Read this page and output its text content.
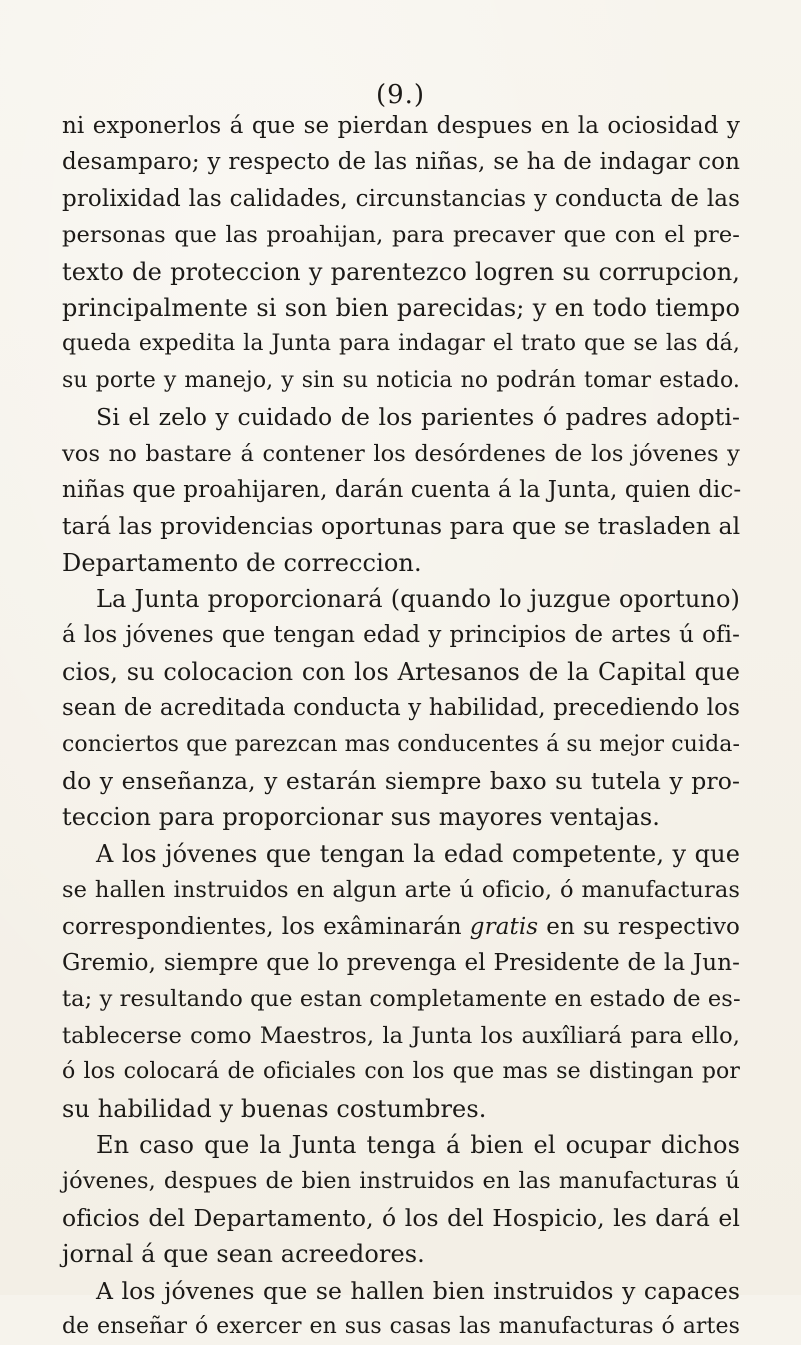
(9.)
ni exponerlos á que se pierdan despues en la ociosidad y
desamparo; y respecto de las niñas, se ha de indagar con
prolixidad las calidades, circunstancias y conducta de las
personas que las proahijan, para precaver que con el pre-
texto de proteccion y parentezco logren su corrupcion,
principalmente si son bien parecidas; y en todo tiempo
queda expedita la Junta para indagar el trato que se las dá,
su porte y manejo, y sin su noticia no podrán tomar estado.
Si el zelo y cuidado de los parientes ó padres adopti-
vos no bastare á contener los desórdenes de los jóvenes y
niñas que proahijaren, darán cuenta á la Junta, quien dic-
tará las providencias oportunas para que se trasladen al
Departamento de correccion.
La Junta proporcionará (quando lo juzgue oportuno)
á los jóvenes que tengan edad y principios de artes ú ofi-
cios, su colocacion con los Artesanos de la Capital que
sean de acreditada conducta y habilidad, precediendo los
conciertos que parezcan mas conducentes á su mejor cuida-
do y enseñanza, y estarán siempre baxo su tutela y pro-
teccion para proporcionar sus mayores ventajas.
A los jóvenes que tengan la edad competente, y que
se hallen instruidos en algun arte ú oficio, ó manufacturas
correspondientes, los exâminarán gratis en su respectivo
Gremio, siempre que lo prevenga el Presidente de la Jun-
ta; y resultando que estan completamente en estado de es-
tablecerse como Maestros, la Junta los auxîliará para ello,
ó los colocará de oficiales con los que mas se distingan por
su habilidad y buenas costumbres.
En caso que la Junta tenga á bien el ocupar dichos
jóvenes, despues de bien instruidos en las manufacturas ú
oficios del Departamento, ó los del Hospicio, les dará el
jornal á que sean acreedores.
A los jóvenes que se hallen bien instruidos y capaces
de enseñar ó exercer en sus casas las manufacturas ó artes
